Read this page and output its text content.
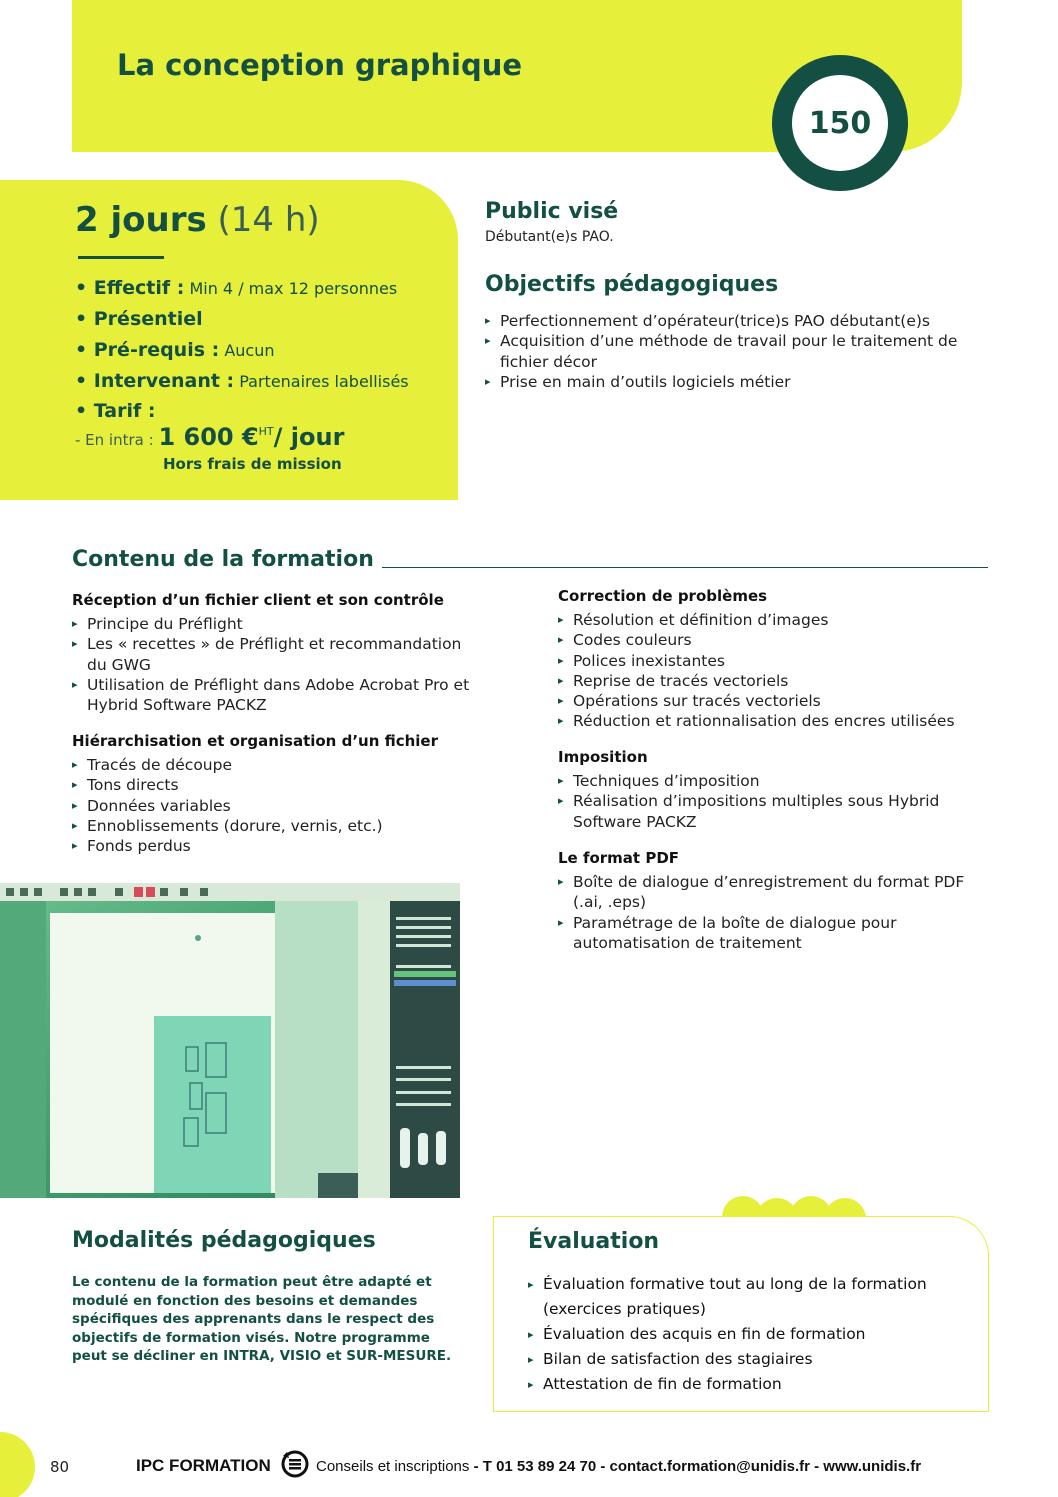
La conception graphique
150
2 jours (14 h)
• Effectif : Min 4 / max 12 personnes
• Présentiel
• Pré-requis : Aucun
• Intervenant : Partenaires labellisés
• Tarif :
- En intra : 1 600 €$^{HT}$/ jour
Hors frais de mission
Public visé

Débutant(e)s PAO.

Objectifs pédagogiques
▸ Perfectionnement d’opérateur(trice)s PAO débutant(e)s
▸ Acquisition d’une méthode de travail pour le traitement de fichier décor
▸ Prise en main d’outils logiciels métier
Contenu de la formation
Réception d’un fichier client et son contrôle
▸ Principe du Préflight
▸ Les « recettes » de Préflight et recommandation du GWG
▸ Utilisation de Préflight dans Adobe Acrobat Pro et Hybrid Software PACKZ
Hiérarchisation et organisation d’un fichier
▸ Tracés de découpe
▸ Tons directs
▸ Données variables
▸ Ennoblissements (dorure, vernis, etc.)
▸ Fonds perdus
Correction de problèmes
▸ Résolution et définition d’images
▸ Codes couleurs
▸ Polices inexistantes
▸ Reprise de tracés vectoriels
▸ Opérations sur tracés vectoriels
▸ Réduction et rationnalisation des encres utilisées
Imposition
▸ Techniques d’imposition
▸ Réalisation d’impositions multiples sous Hybrid Software PACKZ
Le format PDF
▸ Boîte de dialogue d’enregistrement du format PDF (.ai, .eps)
▸ Paramétrage de la boîte de dialogue pour automatisation de traitement
Modalités pédagogiques

Le contenu de la formation peut être adapté et modulé en fonction des besoins et demandes spécifiques des apprenants dans le respect des objectifs de formation visés. Notre programme peut se décliner en INTRA, VISIO et SUR-MESURE.

Évaluation
▸ Évaluation formative tout au long de la formation (exercices pratiques)
▸ Évaluation des acquis en fin de formation
▸ Bilan de satisfaction des stagiaires
▸ Attestation de fin de formation
80	IPC FORMATION	Conseils et inscriptions - T 01 53 89 24 70 - contact.formation@unidis.fr - www.unidis.fr
